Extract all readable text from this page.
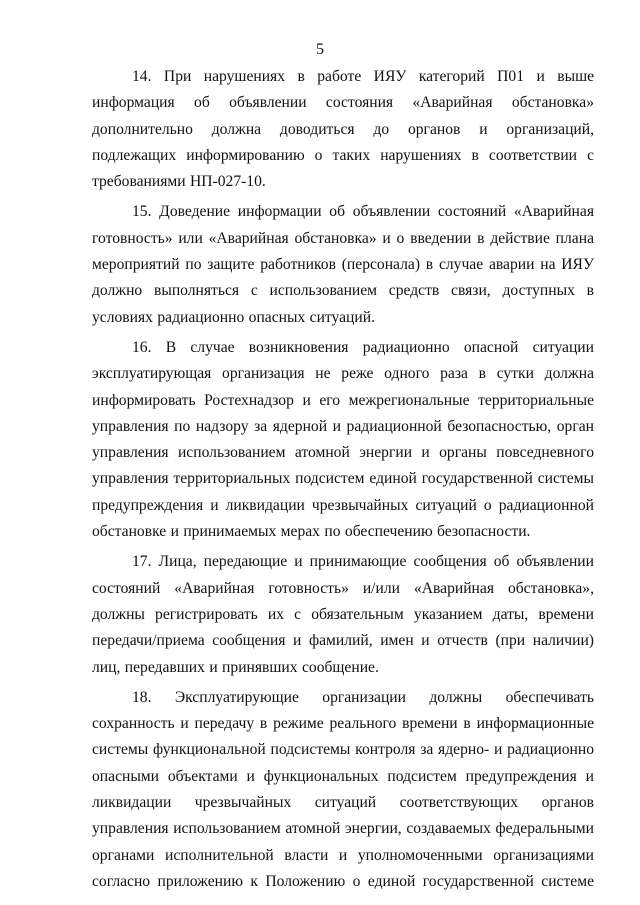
5

14. При нарушениях в работе ИЯУ категорий П01 и выше информация об объявлении состояния «Аварийная обстановка» дополнительно должна доводиться до органов и организаций, подлежащих информированию о таких нарушениях в соответствии с требованиями НП-027-10.

15. Доведение информации об объявлении состояний «Аварийная готовность» или «Аварийная обстановка» и о введении в действие плана мероприятий по защите работников (персонала) в случае аварии на ИЯУ должно выполняться с использованием средств связи, доступных в условиях радиационно опасных ситуаций.

16. В случае возникновения радиационно опасной ситуации эксплуатирующая организация не реже одного раза в сутки должна информировать Ростехнадзор и его межрегиональные территориальные управления по надзору за ядерной и радиационной безопасностью, орган управления использованием атомной энергии и органы повседневного управления территориальных подсистем единой государственной системы предупреждения и ликвидации чрезвычайных ситуаций о радиационной обстановке и принимаемых мерах по обеспечению безопасности.

17. Лица, передающие и принимающие сообщения об объявлении состояний «Аварийная готовность» и/или «Аварийная обстановка», должны регистрировать их с обязательным указанием даты, времени передачи/приема сообщения и фамилий, имен и отчеств (при наличии) лиц, передавших и принявших сообщение.

18. Эксплуатирующие организации должны обеспечивать сохранность и передачу в режиме реального времени в информационные системы функциональной подсистемы контроля за ядерно- и радиационно опасными объектами и функциональных подсистем предупреждения и ликвидации чрезвычайных ситуаций соответствующих органов управления использованием атомной энергии, создаваемых федеральными органами исполнительной власти и уполномоченными организациями согласно приложению к Положению о единой государственной системе
